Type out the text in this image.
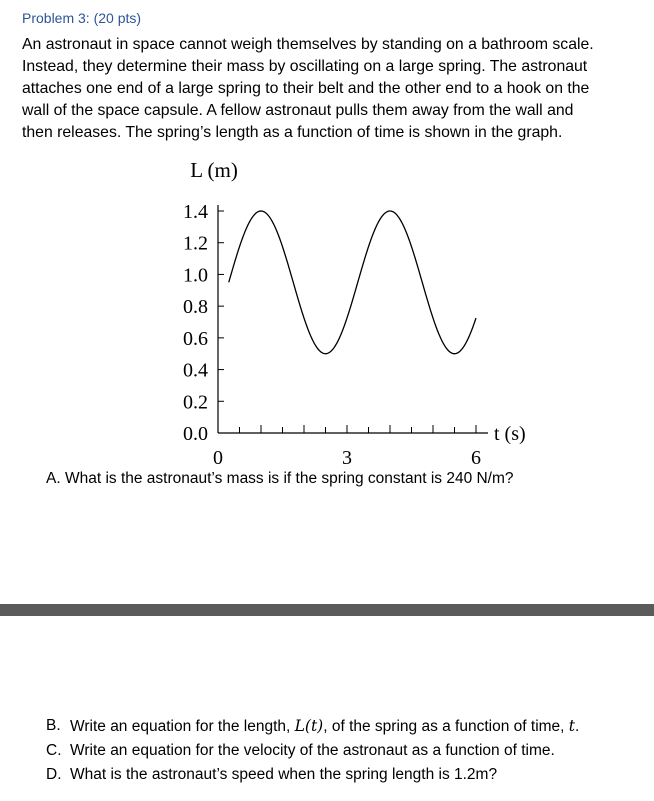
Problem 3: (20 pts)
An astronaut in space cannot weigh themselves by standing on a bathroom scale.
Instead, they determine their mass by oscillating on a large spring. The astronaut
attaches one end of a large spring to their belt and the other end to a hook on the
wall of the space capsule. A fellow astronaut pulls them away from the wall and
then releases. The spring’s length as a function of time is shown in the graph.
L (m)
1.4
1.2
1.0
0.8
0.6
0.4
0.2
0.0
0	3	6
t (s)
A. What is the astronaut’s mass is if the spring constant is 240 N/m?
B. Write an equation for the length, L(t), of the spring as a function of time, t.
C. Write an equation for the velocity of the astronaut as a function of time.
D. What is the astronaut’s speed when the spring length is 1.2m?
